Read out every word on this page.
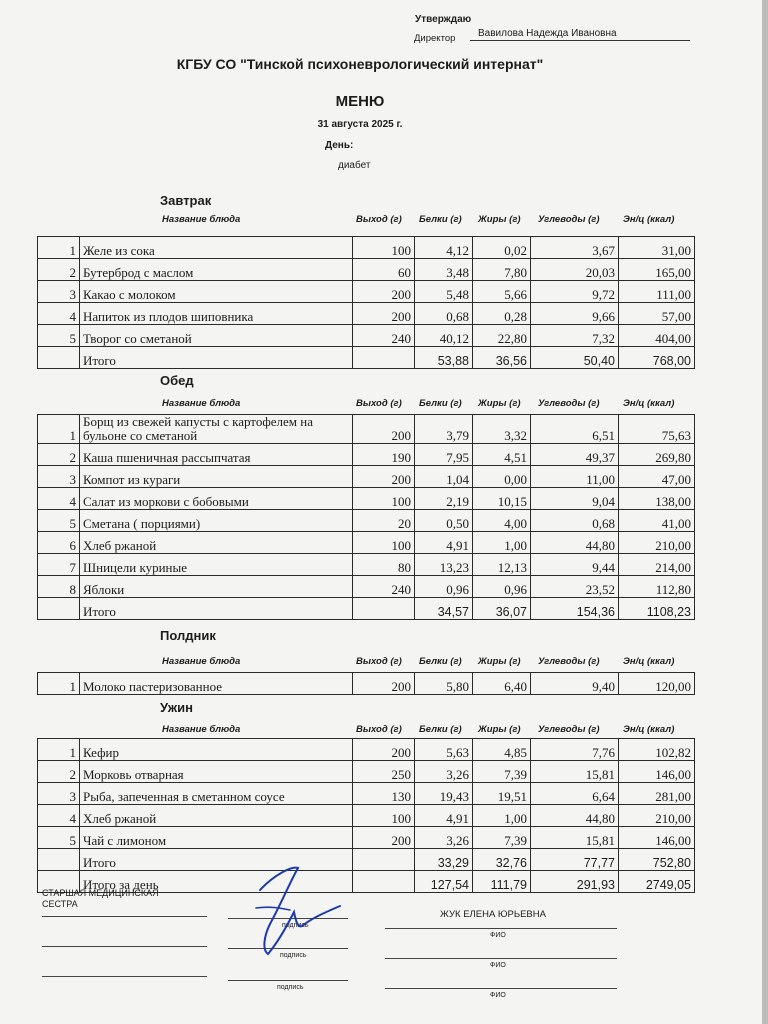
Утверждаю
Директор Вавилова Надежда Ивановна
КГБУ СО "Тинской психоневрологический интернат"
МЕНЮ
31 августа 2025 г.
День:
диабет
Завтрак
Название блюда	Выход (г) Белки (г) Жиры (г) Углеводы (г) Эн/ц (ккал)
1	Желе из сока	100	4,12	0,02	3,67	31,00
2	Бутерброд с маслом	60	3,48	7,80	20,03	165,00
3	Какао с молоком	200	5,48	5,66	9,72	111,00
4	Напиток из плодов шиповника	200	0,68	0,28	9,66	57,00
5	Творог со сметаной	240	40,12	22,80	7,32	404,00
	Итого		53,88	36,56	50,40	768,00
Обед
Название блюда	Выход (г) Белки (г) Жиры (г) Углеводы (г) Эн/ц (ккал)
1	Борщ из свежей капусты с картофелем на бульоне со сметаной	200	3,79	3,32	6,51	75,63
2	Каша пшеничная рассыпчатая	190	7,95	4,51	49,37	269,80
3	Компот из кураги	200	1,04	0,00	11,00	47,00
4	Салат из моркови с бобовыми	100	2,19	10,15	9,04	138,00
5	Сметана ( порциями)	20	0,50	4,00	0,68	41,00
6	Хлеб ржаной	100	4,91	1,00	44,80	210,00
7	Шницели куриные	80	13,23	12,13	9,44	214,00
8	Яблоки	240	0,96	0,96	23,52	112,80
	Итого		34,57	36,07	154,36	1108,23
Полдник
Название блюда	Выход (г) Белки (г) Жиры (г) Углеводы (г) Эн/ц (ккал)
1	Молоко пастеризованное	200	5,80	6,40	9,40	120,00
Ужин
Название блюда	Выход (г) Белки (г) Жиры (г) Углеводы (г) Эн/ц (ккал)
1	Кефир	200	5,63	4,85	7,76	102,82
2	Морковь отварная	250	3,26	7,39	15,81	146,00
3	Рыба, запеченная в сметанном соусе	130	19,43	19,51	6,64	281,00
4	Хлеб ржаной	100	4,91	1,00	44,80	210,00
5	Чай с лимоном	200	3,26	7,39	15,81	146,00
	Итого		33,29	32,76	77,77	752,80
	Итого за день		127,54	111,79	291,93	2749,05
СТАРШАЯ МЕДИЦИНСКАЯ СЕСТРА
подпись
ЖУК ЕЛЕНА ЮРЬЕВНА
ФИО
подпись
ФИО
подпись
ФИО
